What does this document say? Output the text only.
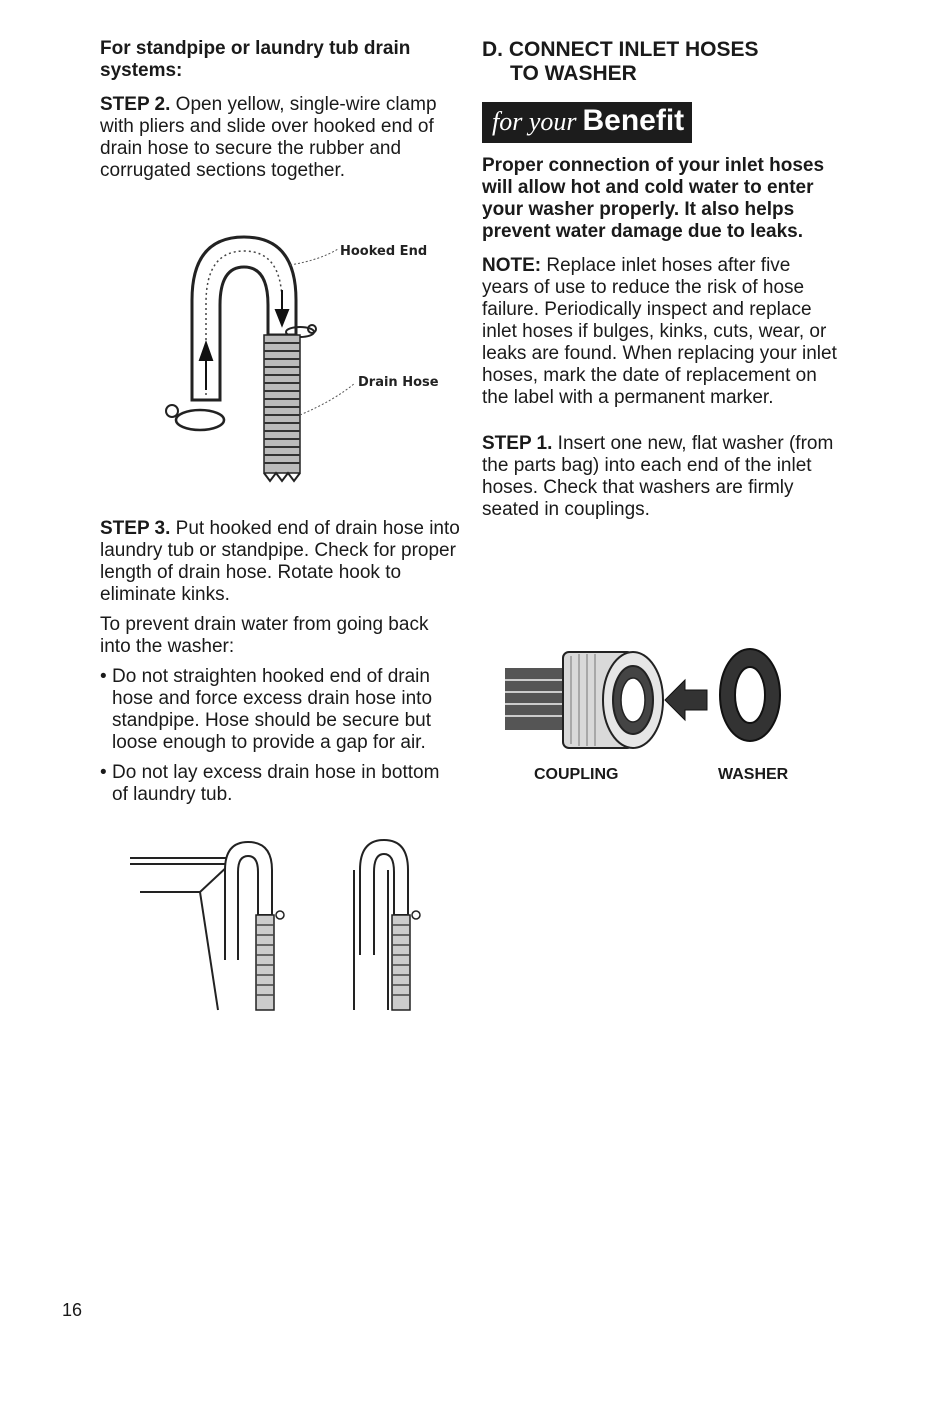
For standpipe or laundry tub drain systems:

STEP 2. Open yellow, single-wire clamp with pliers and slide over hooked end of drain hose to secure the rubber and corrugated sections together.

Hooked End
Drain Hose

STEP 3. Put hooked end of drain hose into laundry tub or standpipe. Check for proper length of drain hose. Rotate hook to eliminate kinks.

To prevent drain water from going back into the washer:

• Do not straighten hooked end of drain hose and force excess drain hose into standpipe. Hose should be secure but loose enough to provide a gap for air.

• Do not lay excess drain hose in bottom of laundry tub.

D. CONNECT INLET HOSES
TO WASHER

for your Benefit

Proper connection of your inlet hoses will allow hot and cold water to enter your washer properly. It also helps prevent water damage due to leaks.

NOTE: Replace inlet hoses after five years of use to reduce the risk of hose failure. Periodically inspect and replace inlet hoses if bulges, kinks, cuts, wear, or leaks are found. When replacing your inlet hoses, mark the date of replacement on the label with a permanent marker.

STEP 1. Insert one new, flat washer (from the parts bag) into each end of the inlet hoses. Check that washers are firmly seated in couplings.

COUPLING	WASHER
16
